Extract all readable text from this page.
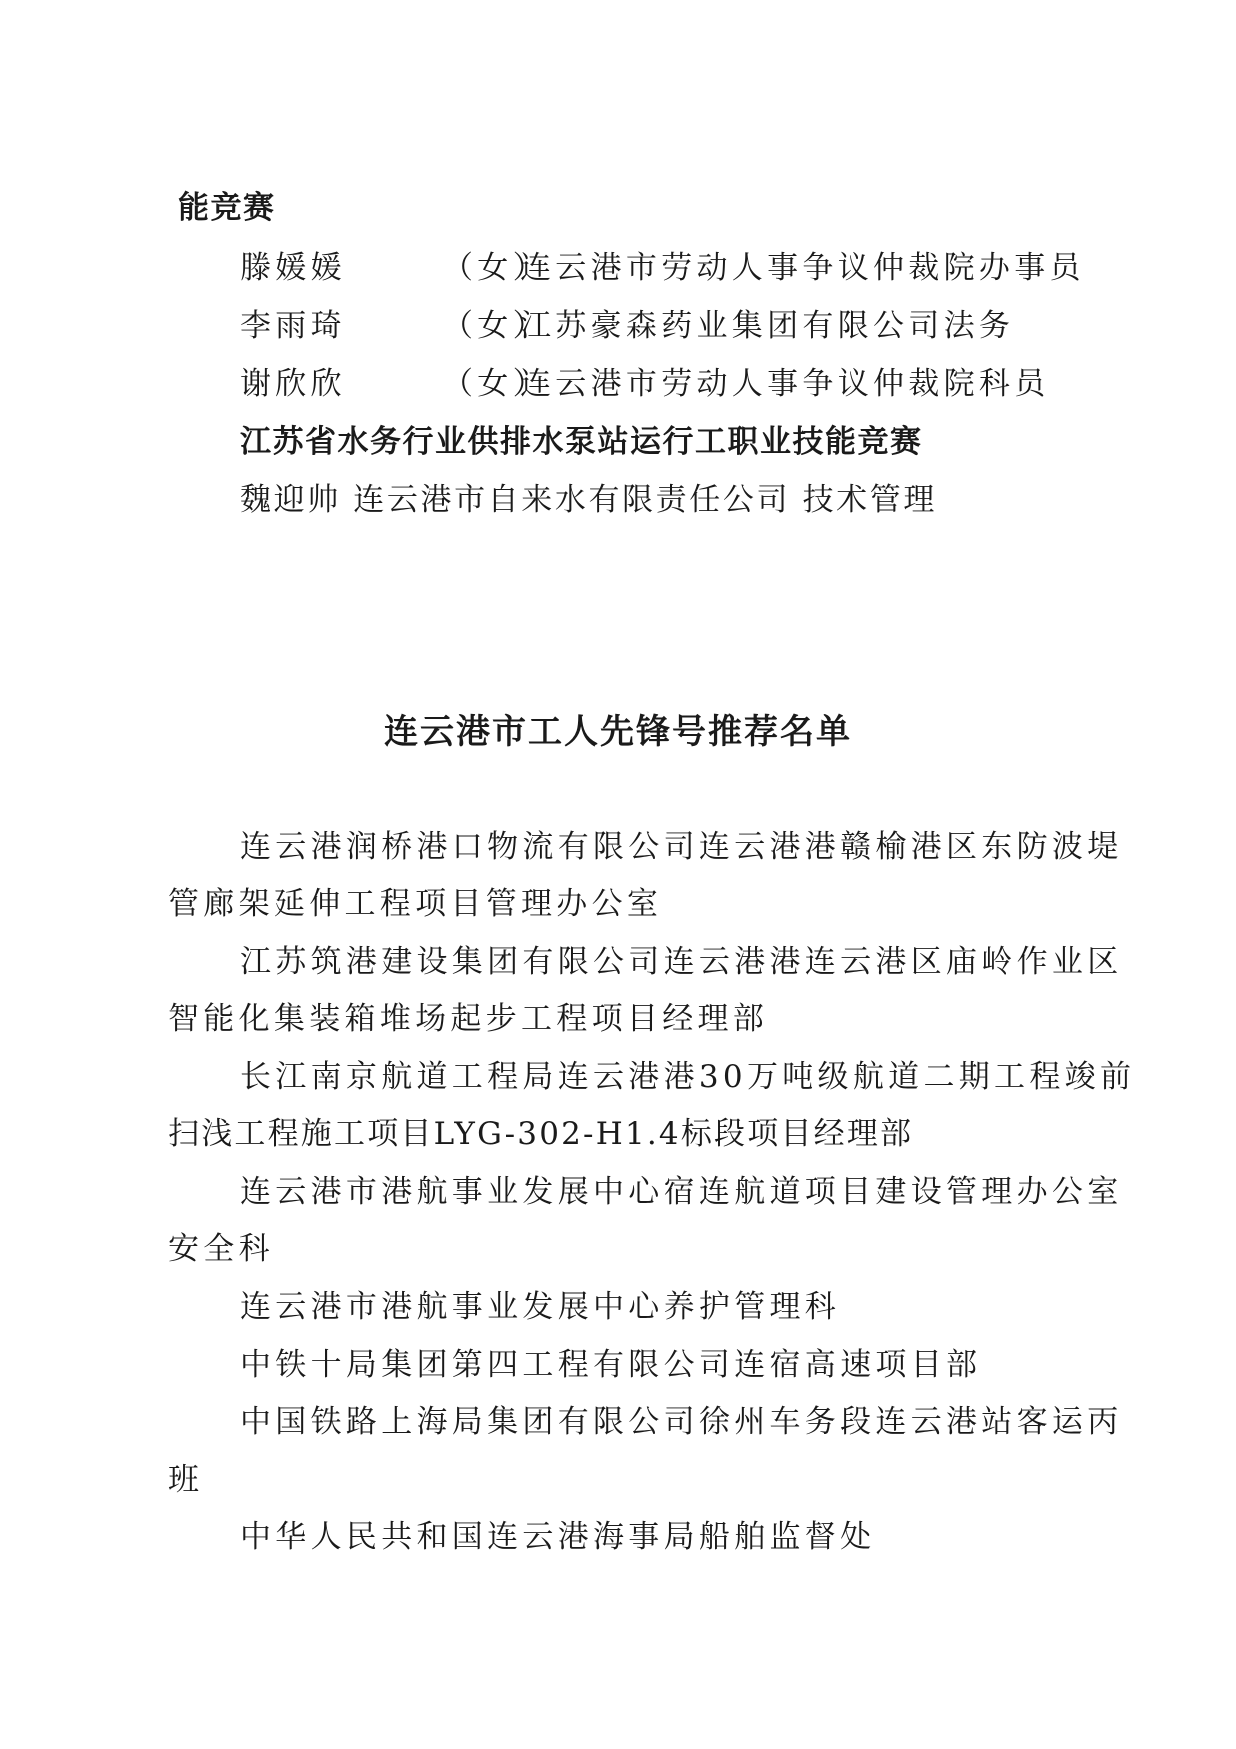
能竞赛
滕媛媛	（女）连云港市劳动人事争议仲裁院办事员
李雨琦	（女）江苏豪森药业集团有限公司法务
谢欣欣	（女）连云港市劳动人事争议仲裁院科员
江苏省水务行业供排水泵站运行工职业技能竞赛
魏迎帅 连云港市自来水有限责任公司 技术管理
连云港市工人先锋号推荐名单
连云港润桥港口物流有限公司连云港港赣榆港区东防波堤
管廊架延伸工程项目管理办公室
江苏筑港建设集团有限公司连云港港连云港区庙岭作业区
智能化集装箱堆场起步工程项目经理部
长江南京航道工程局连云港港30万吨级航道二期工程竣前
扫浅工程施工项目LYG-302-H1.4标段项目经理部
连云港市港航事业发展中心宿连航道项目建设管理办公室
安全科
连云港市港航事业发展中心养护管理科
中铁十局集团第四工程有限公司连宿高速项目部
中国铁路上海局集团有限公司徐州车务段连云港站客运丙
班
中华人民共和国连云港海事局船舶监督处
